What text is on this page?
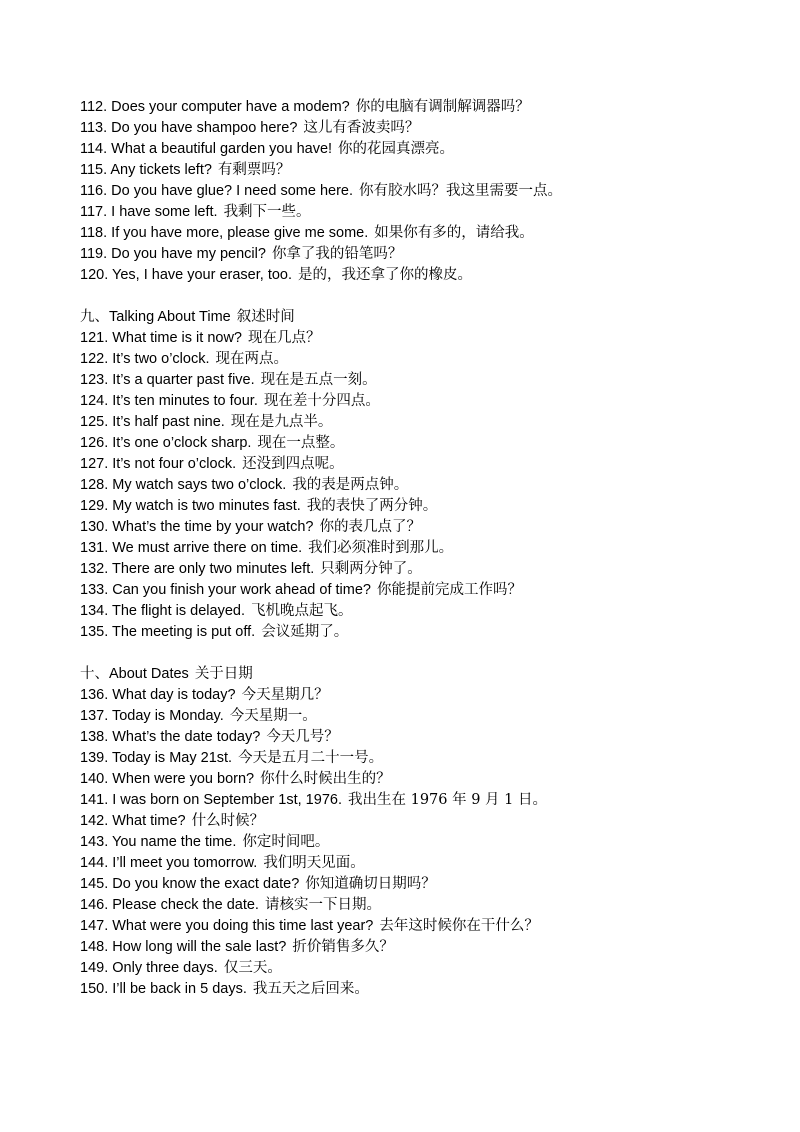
112. Does your computer have a modem? 你的电脑有调制解调器吗？
113. Do you have shampoo here? 这儿有香波卖吗？
114. What a beautiful garden you have! 你的花园真漂亮。
115. Any tickets left? 有剩票吗？
116. Do you have glue? I need some here. 你有胶水吗？我这里需要一点。
117. I have some left. 我剩下一些。
118. If you have more, please give me some. 如果你有多的，请给我。
119. Do you have my pencil? 你拿了我的铅笔吗？
120. Yes, I have your eraser, too. 是的，我还拿了你的橡皮。
九、Talking About Time 叙述时间
121. What time is it now? 现在几点？
122. It’s two o’clock. 现在两点。
123. It’s a quarter past five. 现在是五点一刻。
124. It’s ten minutes to four. 现在差十分四点。
125. It’s half past nine. 现在是九点半。
126. It’s one o’clock sharp. 现在一点整。
127. It’s not four o’clock. 还没到四点呢。
128. My watch says two o’clock. 我的表是两点钟。
129. My watch is two minutes fast. 我的表快了两分钟。
130. What’s the time by your watch? 你的表几点了？
131. We must arrive there on time. 我们必须准时到那儿。
132. There are only two minutes left. 只剩两分钟了。
133. Can you finish your work ahead of time? 你能提前完成工作吗？
134. The flight is delayed. 飞机晚点起飞。
135. The meeting is put off. 会议延期了。
十、About Dates 关于日期
136. What day is today? 今天星期几？
137. Today is Monday. 今天星期一。
138. What’s the date today? 今天几号？
139. Today is May 21st. 今天是五月二十一号。
140. When were you born? 你什么时候出生的？
141. I was born on September 1st, 1976. 我出生在 1976 年 9 月 1 日。
142. What time? 什么时候？
143. You name the time. 你定时间吧。
144. I’ll meet you tomorrow. 我们明天见面。
145. Do you know the exact date? 你知道确切日期吗？
146. Please check the date. 请核实一下日期。
147. What were you doing this time last year? 去年这时候你在干什么？
148. How long will the sale last? 折价销售多久？
149. Only three days. 仅三天。
150. I’ll be back in 5 days. 我五天之后回来。
